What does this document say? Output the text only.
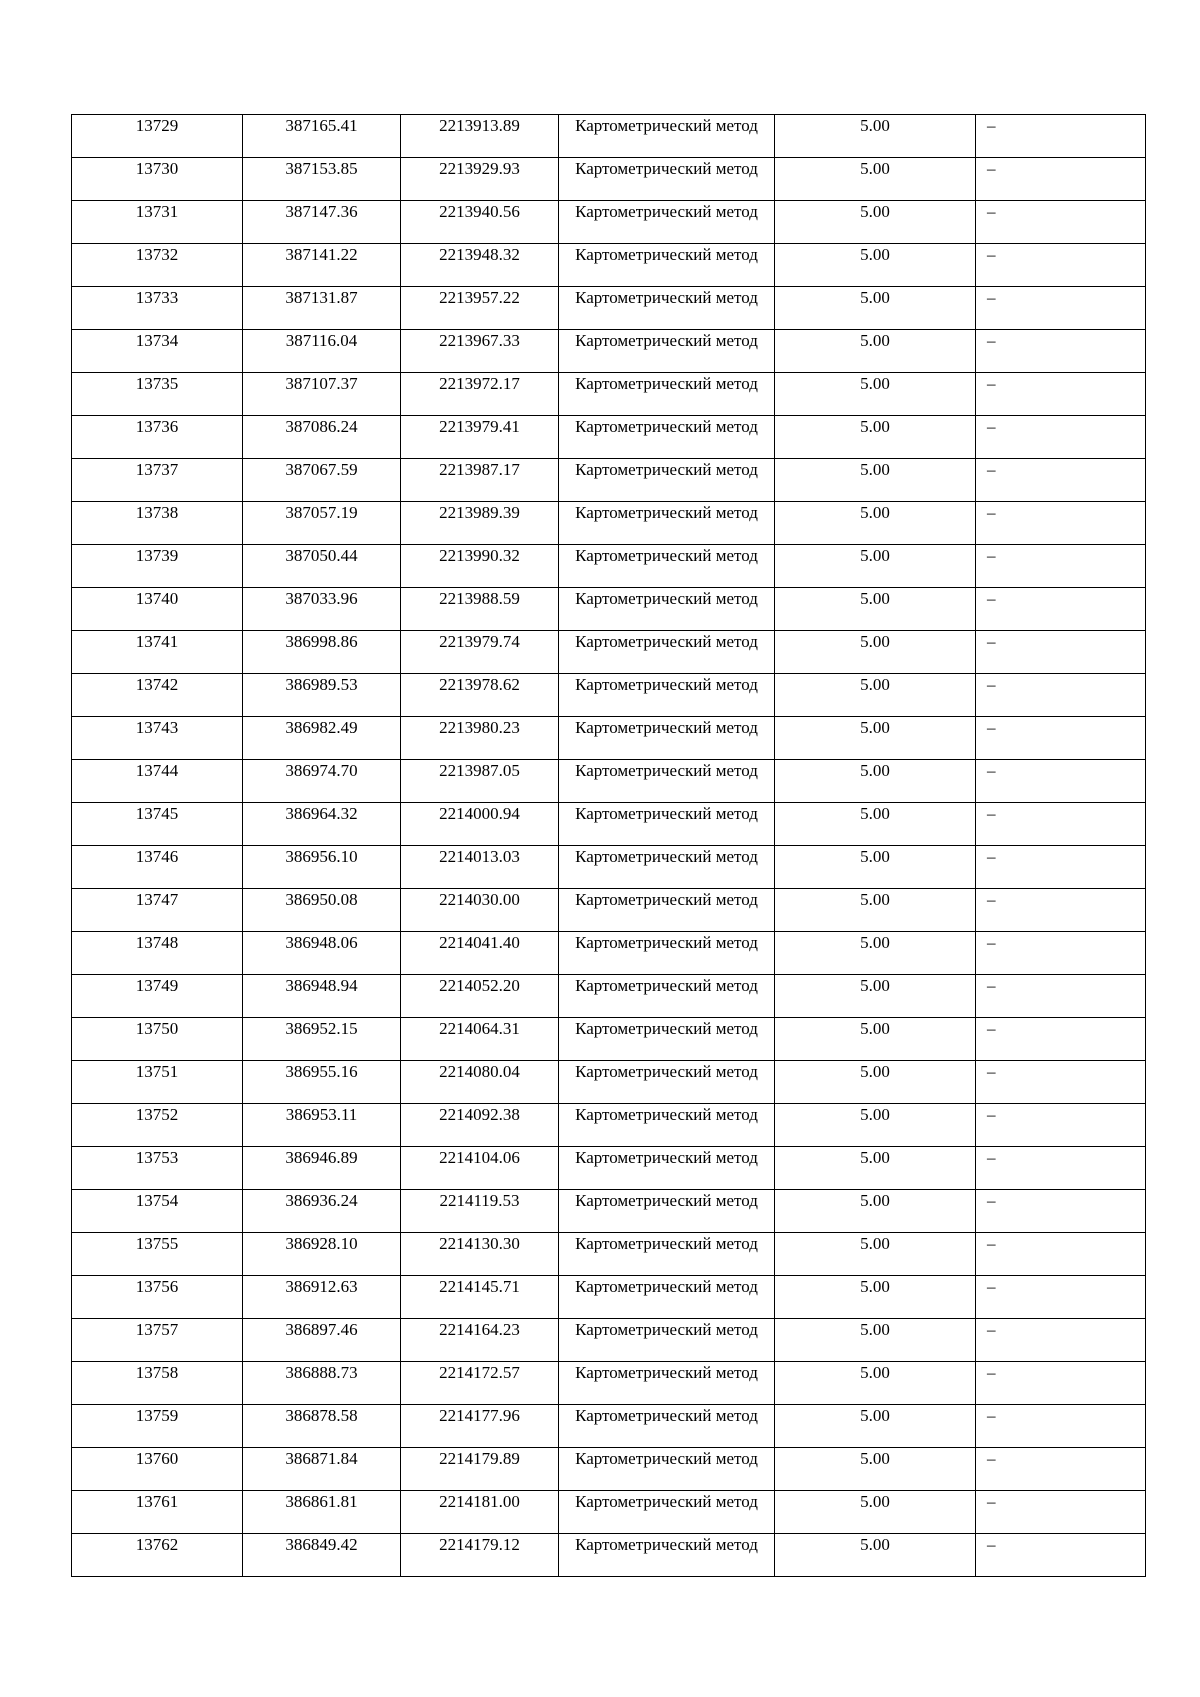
13729	387165.41	2213913.89	Картометрический метод	5.00	–
13730	387153.85	2213929.93	Картометрический метод	5.00	–
13731	387147.36	2213940.56	Картометрический метод	5.00	–
13732	387141.22	2213948.32	Картометрический метод	5.00	–
13733	387131.87	2213957.22	Картометрический метод	5.00	–
13734	387116.04	2213967.33	Картометрический метод	5.00	–
13735	387107.37	2213972.17	Картометрический метод	5.00	–
13736	387086.24	2213979.41	Картометрический метод	5.00	–
13737	387067.59	2213987.17	Картометрический метод	5.00	–
13738	387057.19	2213989.39	Картометрический метод	5.00	–
13739	387050.44	2213990.32	Картометрический метод	5.00	–
13740	387033.96	2213988.59	Картометрический метод	5.00	–
13741	386998.86	2213979.74	Картометрический метод	5.00	–
13742	386989.53	2213978.62	Картометрический метод	5.00	–
13743	386982.49	2213980.23	Картометрический метод	5.00	–
13744	386974.70	2213987.05	Картометрический метод	5.00	–
13745	386964.32	2214000.94	Картометрический метод	5.00	–
13746	386956.10	2214013.03	Картометрический метод	5.00	–
13747	386950.08	2214030.00	Картометрический метод	5.00	–
13748	386948.06	2214041.40	Картометрический метод	5.00	–
13749	386948.94	2214052.20	Картометрический метод	5.00	–
13750	386952.15	2214064.31	Картометрический метод	5.00	–
13751	386955.16	2214080.04	Картометрический метод	5.00	–
13752	386953.11	2214092.38	Картометрический метод	5.00	–
13753	386946.89	2214104.06	Картометрический метод	5.00	–
13754	386936.24	2214119.53	Картометрический метод	5.00	–
13755	386928.10	2214130.30	Картометрический метод	5.00	–
13756	386912.63	2214145.71	Картометрический метод	5.00	–
13757	386897.46	2214164.23	Картометрический метод	5.00	–
13758	386888.73	2214172.57	Картометрический метод	5.00	–
13759	386878.58	2214177.96	Картометрический метод	5.00	–
13760	386871.84	2214179.89	Картометрический метод	5.00	–
13761	386861.81	2214181.00	Картометрический метод	5.00	–
13762	386849.42	2214179.12	Картометрический метод	5.00	–
